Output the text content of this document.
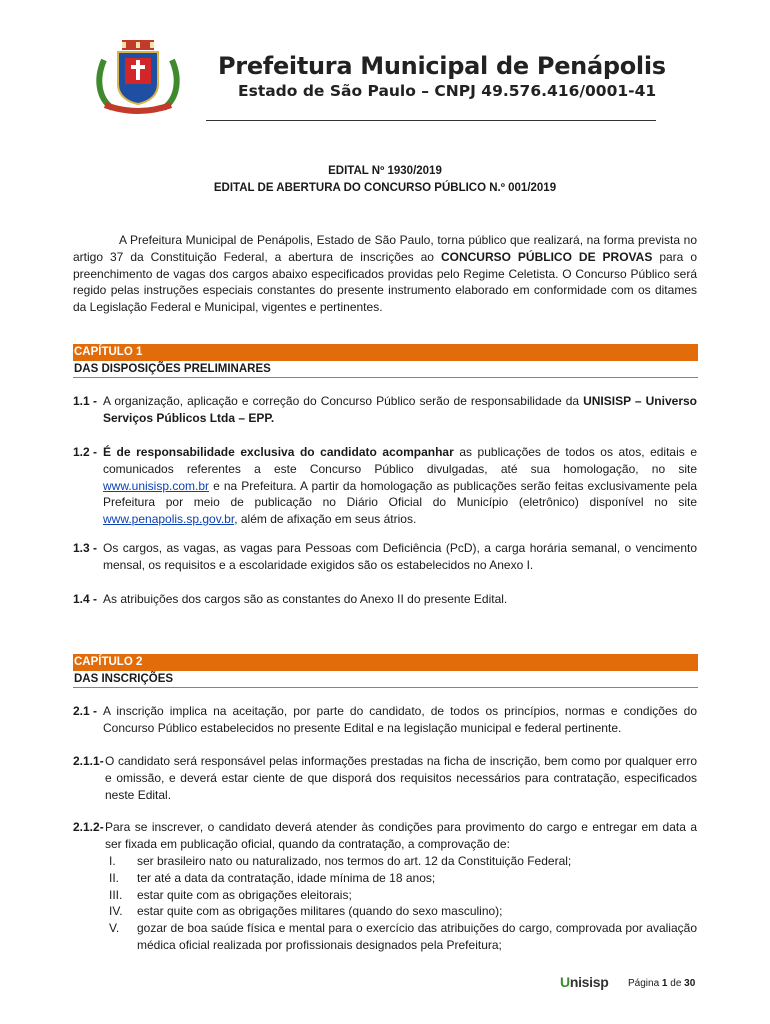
Prefeitura Municipal de Penápolis
Estado de São Paulo – CNPJ 49.576.416/0001-41
EDITAL Nº 1930/2019
EDITAL DE ABERTURA DO CONCURSO PÚBLICO N.º 001/2019

A Prefeitura Municipal de Penápolis, Estado de São Paulo, torna público que realizará, na forma prevista no artigo 37 da Constituição Federal, a abertura de inscrições ao CONCURSO PÚBLICO DE PROVAS para o preenchimento de vagas dos cargos abaixo especificados providas pelo Regime Celetista. O Concurso Público será regido pelas instruções especiais constantes do presente instrumento elaborado em conformidade com os ditames da Legislação Federal e Municipal, vigentes e pertinentes.

CAPÍTULO 1
DAS DISPOSIÇÕES PRELIMINARES
1.1 - A organização, aplicação e correção do Concurso Público serão de responsabilidade da UNISISP – Universo Serviços Públicos Ltda – EPP.
1.2 - É de responsabilidade exclusiva do candidato acompanhar as publicações de todos os atos, editais e comunicados referentes a este Concurso Público divulgadas, até sua homologação, no site www.unisisp.com.br e na Prefeitura. A partir da homologação as publicações serão feitas exclusivamente pela Prefeitura por meio de publicação no Diário Oficial do Município (eletrônico) disponível no site www.penapolis.sp.gov.br, além de afixação em seus átrios.
1.3 - Os cargos, as vagas, as vagas para Pessoas com Deficiência (PcD), a carga horária semanal, o vencimento mensal, os requisitos e a escolaridade exigidos são os estabelecidos no Anexo I.
1.4 - As atribuições dos cargos são as constantes do Anexo II do presente Edital.
CAPÍTULO 2
DAS INSCRIÇÕES
2.1 - A inscrição implica na aceitação, por parte do candidato, de todos os princípios, normas e condições do Concurso Público estabelecidos no presente Edital e na legislação municipal e federal pertinente.
2.1.1- O candidato será responsável pelas informações prestadas na ficha de inscrição, bem como por qualquer erro e omissão, e deverá estar ciente de que disporá dos requisitos necessários para contratação, especificados neste Edital.
2.1.2- Para se inscrever, o candidato deverá atender às condições para provimento do cargo e entregar em data a ser fixada em publicação oficial, quando da contratação, a comprovação de:
I. ser brasileiro nato ou naturalizado, nos termos do art. 12 da Constituição Federal;
II. ter até a data da contratação, idade mínima de 18 anos;
III. estar quite com as obrigações eleitorais;
IV. estar quite com as obrigações militares (quando do sexo masculino);
V. gozar de boa saúde física e mental para o exercício das atribuições do cargo, comprovada por avaliação médica oficial realizada por profissionais designados pela Prefeitura;
Unisisp Página 1 de 30
